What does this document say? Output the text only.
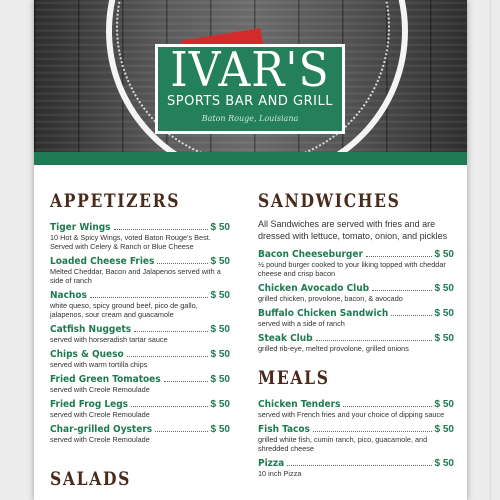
IVAR'S
SPORTS BAR AND GRILL
Baton Rouge, Louisiana
APPETIZERS
Tiger Wings	$ 50
10 Hot & Spicy Wings, voted Baton Rouge's Best. Served with Celery & Ranch or Blue Cheese
Loaded Cheese Fries	$ 50
Melted Cheddar, Bacon and Jalapenos served with a side of ranch
Nachos	$ 50
white queso, spicy ground beef, pico de gallo, jalapenos, sour cream and guacamole
Catfish Nuggets	$ 50
served with horseradish tartar sauce
Chips & Queso	$ 50
served with warm tortilla chips
Fried Green Tomatoes	$ 50
served with Creole Remoulade
Fried Frog Legs	$ 50
served with Creole Remoulade
Char-grilled Oysters	$ 50
served with Creole Remoulade
SALADS
SANDWICHES
All Sandwiches are served with fries and are dressed with lettuce, tomato, onion, and pickles
Bacon Cheeseburger	$ 50
½ pound burger cooked to your liking topped with cheddar cheese and crisp bacon
Chicken Avocado Club	$ 50
grilled chicken, provolone, bacon, & avocado
Buffalo Chicken Sandwich	$ 50
served with a side of ranch
Steak Club	$ 50
grilled rib-eye, melted provolone, grilled onions
MEALS
Chicken Tenders	$ 50
served with French fries and your choice of dipping sauce
Fish Tacos	$ 50
grilled white fish, cumin ranch, pico, guacamole, and shredded cheese
Pizza	$ 50
10 inch Pizza
